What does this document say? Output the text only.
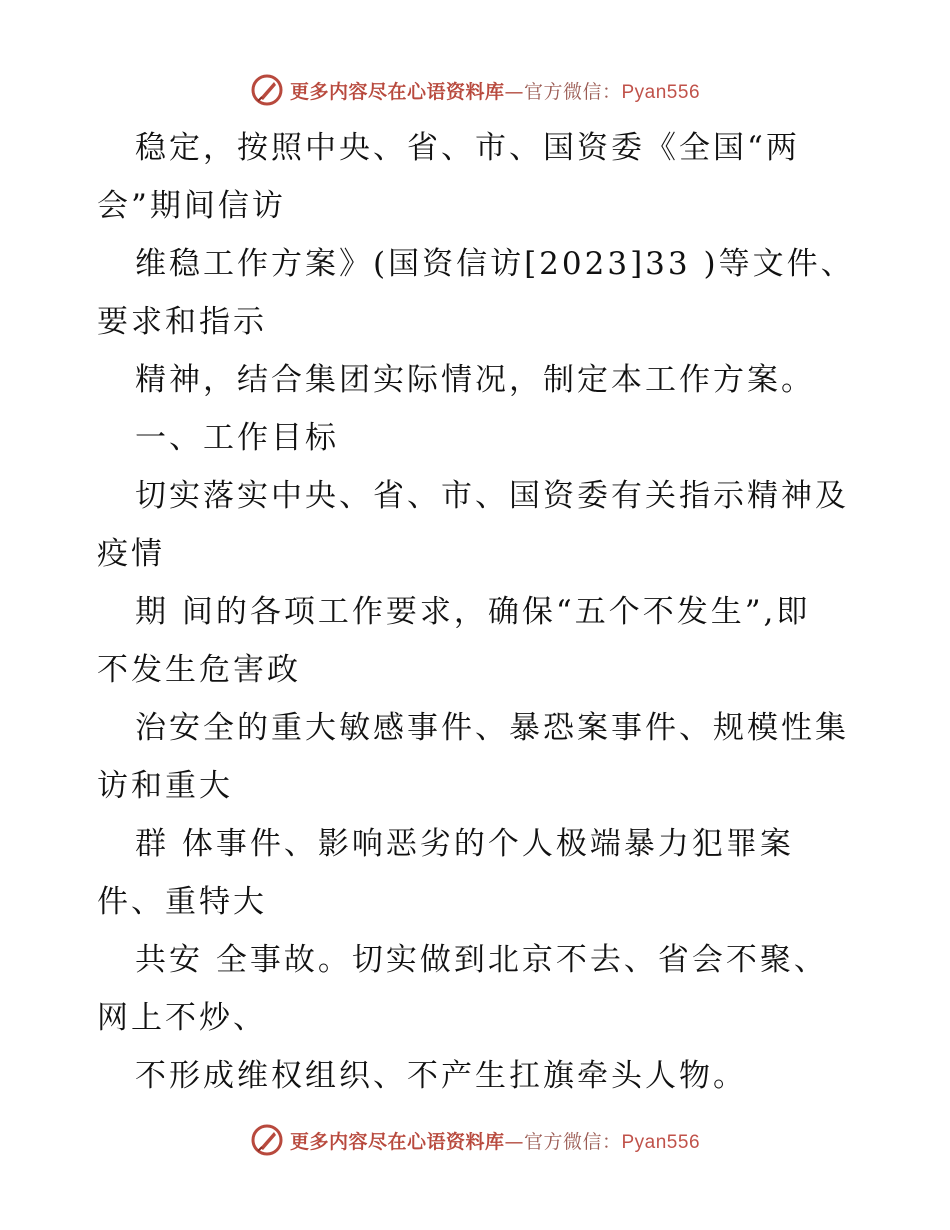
更多内容尽在心语资料库—官方微信：Pyan556
稳定，按照中央、省、市、国资委《全国“两
会”期间信访
维稳工作方案》(国资信访[2023]33 )等文件、
要求和指示
精神，结合集团实际情况，制定本工作方案。
一、工作目标
切实落实中央、省、市、国资委有关指示精神及
疫情
期 间的各项工作要求，确保“五个不发生”,即
不发生危害政
治安全的重大敏感事件、暴恐案事件、规模性集
访和重大
群 体事件、影响恶劣的个人极端暴力犯罪案
件、重特大
共安 全事故。切实做到北京不去、省会不聚、
网上不炒、
不形成维权组织、不产生扛旗牵头人物。
更多内容尽在心语资料库—官方微信：Pyan556
